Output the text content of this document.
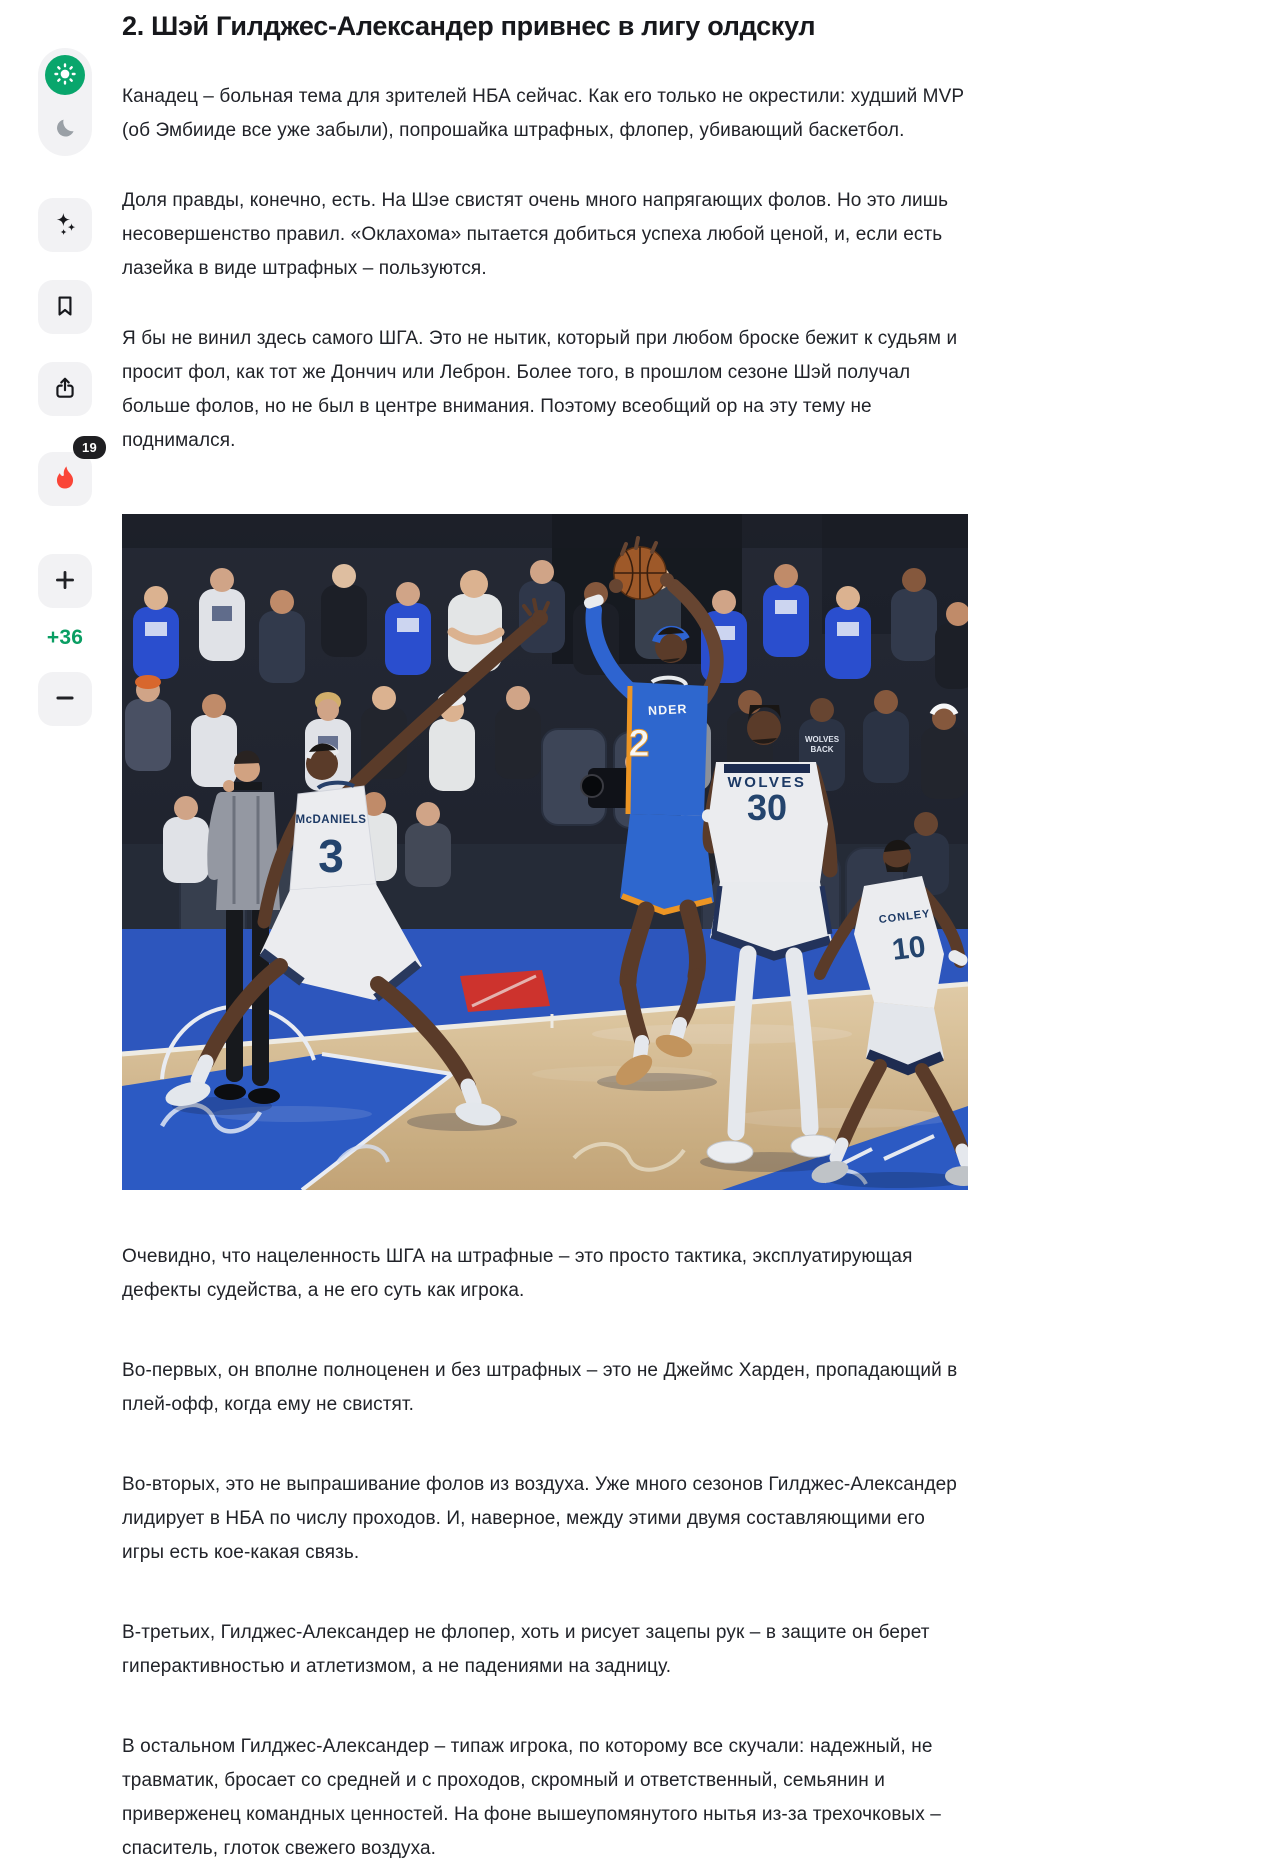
19
+36
2. Шэй Гилджес-Александер привнес в лигу олдскул

Канадец – больная тема для зрителей НБА сейчас. Как его только не окрестили: худший MVP (об Эмбииде все уже забыли), попрошайка штрафных, флопер, убивающий баскетбол.

Доля правды, конечно, есть. На Шэе свистят очень много напрягающих фолов. Но это лишь несовершенство правил. «Оклахома» пытается добиться успеха любой ценой, и, если есть лазейка в виде штрафных – пользуются.

Я бы не винил здесь самого ШГА. Это не нытик, который при любом броске бежит к судьям и просит фол, как тот же Дончич или Леброн. Более того, в прошлом сезоне Шэй получал больше фолов, но не был в центре внимания. Поэтому всеобщий ор на эту тему не поднимался.

WOLVES
BACK
McDANIELS
3
NDER
2
WOLVES
30
CONLEY
10

Очевидно, что нацеленность ШГА на штрафные – это просто тактика, эксплуатирующая дефекты судейства, а не его суть как игрока.

Во-первых, он вполне полноценен и без штрафных – это не Джеймс Харден, пропадающий в плей-офф, когда ему не свистят.

Во-вторых, это не выпрашивание фолов из воздуха. Уже много сезонов Гилджес-Александер лидирует в НБА по числу проходов. И, наверное, между этими двумя составляющими его игры есть кое-какая связь.

В-третьих, Гилджес-Александер не флопер, хоть и рисует зацепы рук – в защите он берет гиперактивностью и атлетизмом, а не падениями на задницу.

В остальном Гилджес-Александер – типаж игрока, по которому все скучали: надежный, не травматик, бросает со средней и с проходов, скромный и ответственный, семьянин и приверженец командных ценностей. На фоне вышеупомянутого нытья из-за трехочковых – спаситель, глоток свежего воздуха.
